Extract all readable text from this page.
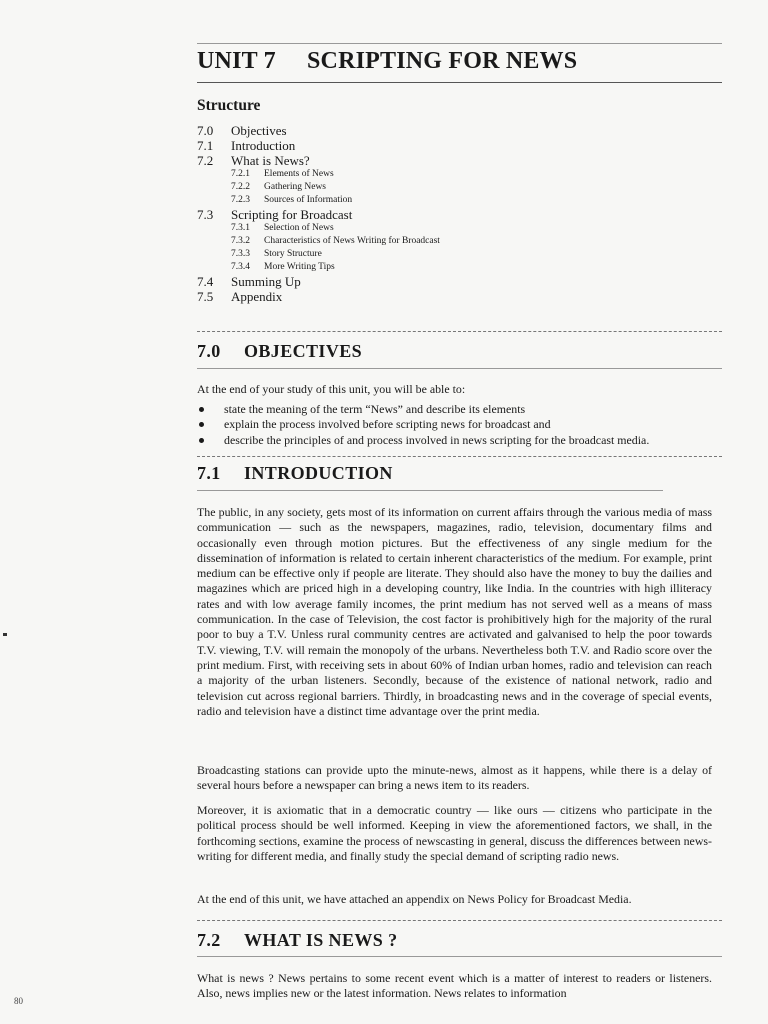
UNIT 7 SCRIPTING FOR NEWS
Structure
7.0 Objectives
7.1 Introduction
7.2 What is News?
7.2.1 Elements of News
7.2.2 Gathering News
7.2.3 Sources of Information
7.3 Scripting for Broadcast
7.3.1 Selection of News
7.3.2 Characteristics of News Writing for Broadcast
7.3.3 Story Structure
7.3.4 More Writing Tips
7.4 Summing Up
7.5 Appendix
7.0 OBJECTIVES

At the end of your study of this unit, you will be able to:

state the meaning of the term “News” and describe its elements
explain the process involved before scripting news for broadcast and
describe the principles of and process involved in news scripting for the broadcast media.
7.1 INTRODUCTION

The public, in any society, gets most of its information on current affairs through the various media of mass communication — such as the newspapers, magazines, radio, television, documentary films and occasionally even through motion pictures. But the effectiveness of any single medium for the dissemination of information is related to certain inherent characteristics of the medium. For example, print medium can be effective only if people are literate. They should also have the money to buy the dailies and magazines which are priced high in a developing country, like India. In the countries with high illiteracy rates and with low average family incomes, the print medium has not served well as a means of mass communication. In the case of Television, the cost factor is prohibitively high for the majority of the rural poor to buy a T.V. Unless rural community centres are activated and galvanised to help the poor towards T.V. viewing, T.V. will remain the monopoly of the urbans. Nevertheless both T.V. and Radio score over the print medium. First, with receiving sets in about 60% of Indian urban homes, radio and television can reach a majority of the urban listeners. Secondly, because of the existence of national network, radio and television cut across regional barriers. Thirdly, in broadcasting news and in the coverage of special events, radio and television have a distinct time advantage over the print media.

Broadcasting stations can provide upto the minute-news, almost as it happens, while there is a delay of several hours before a newspaper can bring a news item to its readers.

Moreover, it is axiomatic that in a democratic country — like ours — citizens who participate in the political process should be well informed. Keeping in view the aforementioned factors, we shall, in the forthcoming sections, examine the process of newscasting in general, discuss the differences between news-writing for different media, and finally study the special demand of scripting radio news.

At the end of this unit, we have attached an appendix on News Policy for Broadcast Media.

7.2 WHAT IS NEWS ?

What is news ? News pertains to some recent event which is a matter of interest to readers or listeners. Also, news implies new or the latest information. News relates to information

80
